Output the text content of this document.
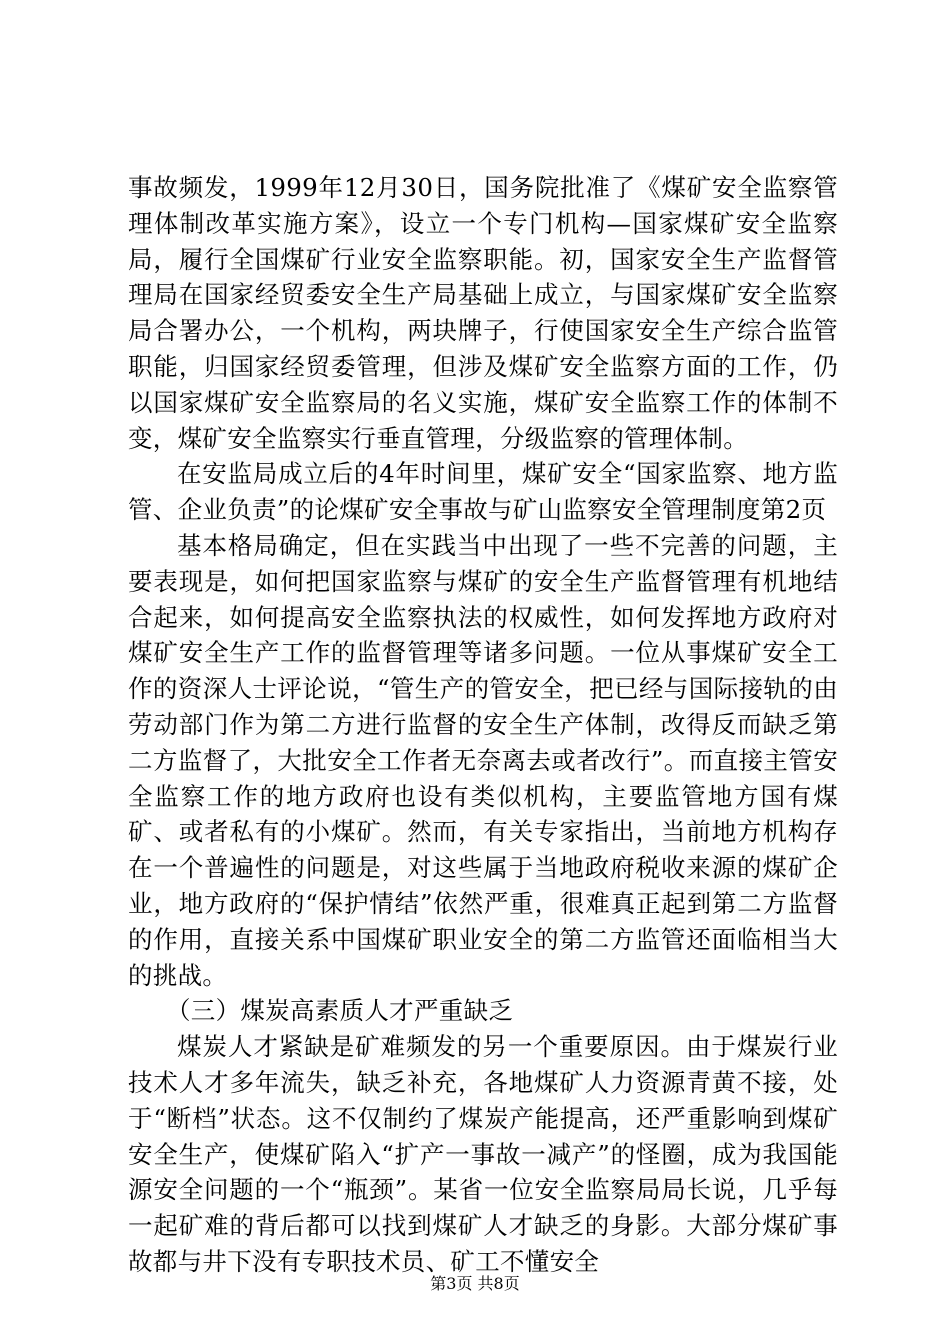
事故频发，1999年12月30日，国务院批准了《煤矿安全监察管理体制改革实施方案》，设立一个专门机构—国家煤矿安全监察局，履行全国煤矿行业安全监察职能。初，国家安全生产监督管理局在国家经贸委安全生产局基础上成立，与国家煤矿安全监察局合署办公，一个机构，两块牌子，行使国家安全生产综合监管职能，归国家经贸委管理，但涉及煤矿安全监察方面的工作，仍以国家煤矿安全监察局的名义实施，煤矿安全监察工作的体制不变，煤矿安全监察实行垂直管理，分级监察的管理体制。

在安监局成立后的4年时间里，煤矿安全“国家监察、地方监管、企业负责”的论煤矿安全事故与矿山监察安全管理制度第2页

基本格局确定，但在实践当中出现了一些不完善的问题，主要表现是，如何把国家监察与煤矿的安全生产监督管理有机地结合起来，如何提高安全监察执法的权威性，如何发挥地方政府对煤矿安全生产工作的监督管理等诸多问题。一位从事煤矿安全工作的资深人士评论说，“管生产的管安全，把已经与国际接轨的由劳动部门作为第二方进行监督的安全生产体制，改得反而缺乏第二方监督了，大批安全工作者无奈离去或者改行”。而直接主管安全监察工作的地方政府也设有类似机构，主要监管地方国有煤矿、或者私有的小煤矿。然而，有关专家指出，当前地方机构存在一个普遍性的问题是，对这些属于当地政府税收来源的煤矿企业，地方政府的“保护情结”依然严重，很难真正起到第二方监督的作用，直接关系中国煤矿职业安全的第二方监管还面临相当大的挑战。

（三）煤炭高素质人才严重缺乏

煤炭人才紧缺是矿难频发的另一个重要原因。由于煤炭行业技术人才多年流失，缺乏补充，各地煤矿人力资源青黄不接，处于“断档”状态。这不仅制约了煤炭产能提高，还严重影响到煤矿安全生产，使煤矿陷入“扩产一事故一减产”的怪圈，成为我国能源安全问题的一个“瓶颈”。某省一位安全监察局局长说，几乎每一起矿难的背后都可以找到煤矿人才缺乏的身影。大部分煤矿事故都与井下没有专职技术员、矿工不懂安全

第3页 共8页
